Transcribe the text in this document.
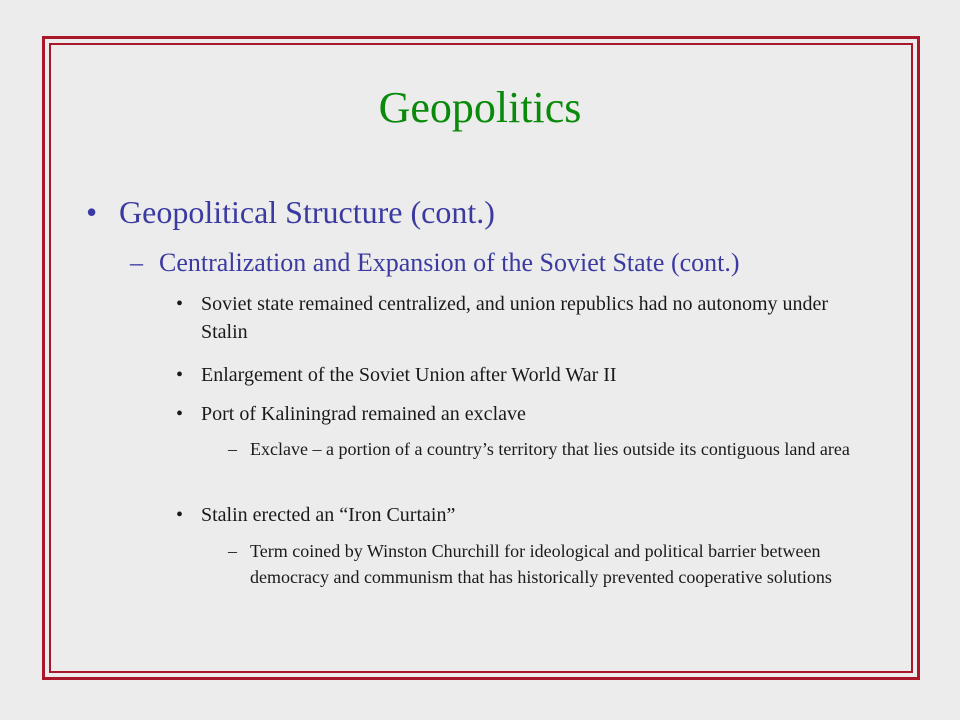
Geopolitics
• Geopolitical Structure (cont.)
– Centralization and Expansion of the Soviet State (cont.)
• Soviet state remained centralized, and union republics had no autonomy under Stalin
• Enlargement of the Soviet Union after World War II
• Port of Kaliningrad remained an exclave
– Exclave – a portion of a country’s territory that lies outside its contiguous land area
• Stalin erected an “Iron Curtain”
– Term coined by Winston Churchill for ideological and political barrier between democracy and communism that has historically prevented cooperative solutions
